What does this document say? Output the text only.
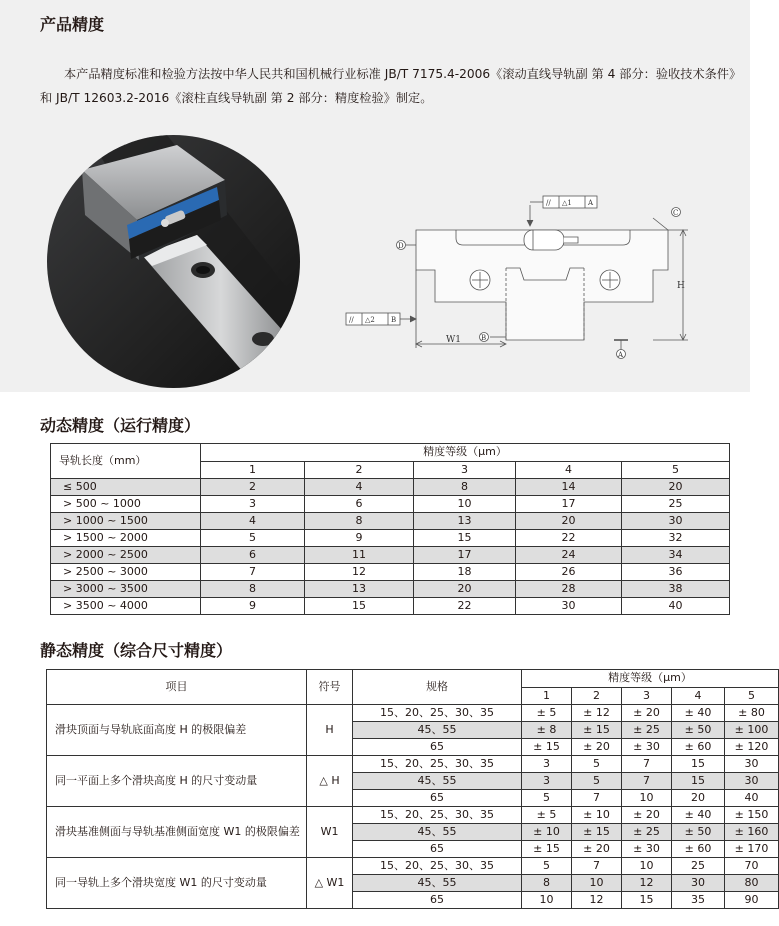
产品精度

本产品精度标准和检验方法按中华人民共和国机械行业标准 JB/T 7175.4-2006《滚动直线导轨副 第 4 部分：验收技术条件》

和 JB/T 12603.2-2016《滚柱直线导轨副 第 2 部分：精度检验》制定。

H
W1
D
C
B
A
// △1 A
// △2 B
动态精度（运行精度）
导轨长度（mm）	精度等级（μm）				
	1	2	3	4	5
≤ 500	2	4	8	14	20
> 500 ~ 1000	3	6	10	17	25
> 1000 ~ 1500	4	8	13	20	30
> 1500 ~ 2000	5	9	15	22	32
> 2000 ~ 2500	6	11	17	24	34
> 2500 ~ 3000	7	12	18	26	36
> 3000 ~ 3500	8	13	20	28	38
> 3500 ~ 4000	9	15	22	30	40
静态精度（综合尺寸精度）
项目	符号	规格	精度等级（μm）				
			1	2	3	4	5
滑块顶面与导轨底面高度 H 的极限偏差	H	15、20、25、30、35	± 5	± 12	± 20	± 40	± 80
		45、55	± 8	± 15	± 25	± 50	± 100
		65	± 15	± 20	± 30	± 60	± 120
同一平面上多个滑块高度 H 的尺寸变动量	△ H	15、20、25、30、35	3	5	7	15	30
		45、55	3	5	7	15	30
		65	5	7	10	20	40
滑块基准侧面与导轨基准侧面宽度 W1 的极限偏差	W1	15、20、25、30、35	± 5	± 10	± 20	± 40	± 150
		45、55	± 10	± 15	± 25	± 50	± 160
		65	± 15	± 20	± 30	± 60	± 170
同一导轨上多个滑块宽度 W1 的尺寸变动量	△ W1	15、20、25、30、35	5	7	10	25	70
		45、55	8	10	12	30	80
		65	10	12	15	35	90
